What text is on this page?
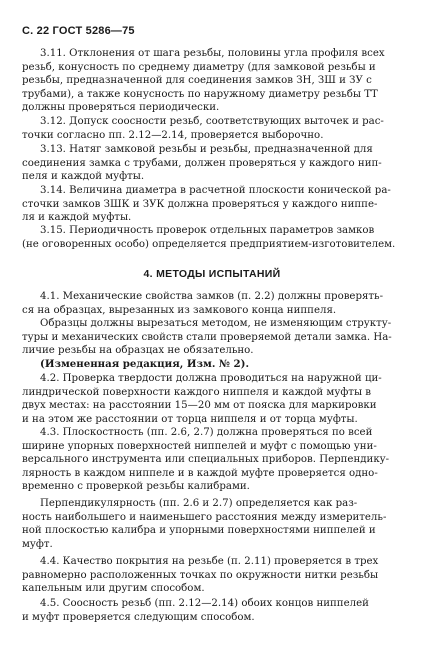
С. 22 ГОСТ 5286—75
3.11. Отклонения от шага резьбы, половины угла профиля всех
резьб, конусность по среднему диаметру (для замковой резьбы и
резьбы, предназначенной для соединения замков ЗН, ЗШ и ЗУ с
трубами), а также конусность по наружному диаметру резьбы ТТ
должны проверяться периодически.
3.12. Допуск соосности резьб, соответствующих выточек и рас-
точки согласно пп. 2.12—2.14, проверяется выборочно.
3.13. Натяг замковой резьбы и резьбы, предназначенной для
соединения замка с трубами, должен проверяться у каждого нип-
пеля и каждой муфты.
3.14. Величина диаметра в расчетной плоскости конической ра-
сточки замков ЗШК и ЗУК должна проверяться у каждого ниппе-
ля и каждой муфты.
3.15. Периодичность проверок отдельных параметров замков
(не оговоренных особо) определяется предприятием-изготовителем.
4. МЕТОДЫ ИСПЫТАНИЙ
4.1. Механические свойства замков (п. 2.2) должны проверять-
ся на образцах, вырезанных из замкового конца ниппеля.
Образцы должны вырезаться методом, не изменяющим структу-
туры и механических свойств стали проверяемой детали замка. На-
личие резьбы на образцах не обязательно.
(Измененная редакция, Изм. № 2).
4.2. Проверка твердости должна проводиться на наружной ци-
линдрической поверхности каждого ниппеля и каждой муфты в
двух местах: на расстоянии 15—20 мм от пояска для маркировки
и на этом же расстоянии от торца ниппеля и от торца муфты.
4.3. Плоскостность (пп. 2.6, 2.7) должна проверяться по всей
ширине упорных поверхностей ниппелей и муфт с помощью уни-
версального инструмента или специальных приборов. Перпендику-
лярность в каждом ниппеле и в каждой муфте проверяется одно-
временно с проверкой резьбы калибрами.
Перпендикулярность (пп. 2.6 и 2.7) определяется как раз-
ность наибольшего и наименьшего расстояния между измеритель-
ной плоскостью калибра и упорными поверхностями ниппелей и
муфт.
4.4. Качество покрытия на резьбе (п. 2.11) проверяется в трех
равномерно расположенных точках по окружности нитки резьбы
капельным или другим способом.
4.5. Соосность резьб (пп. 2.12—2.14) обоих концов ниппелей
и муфт проверяется следующим способом.
